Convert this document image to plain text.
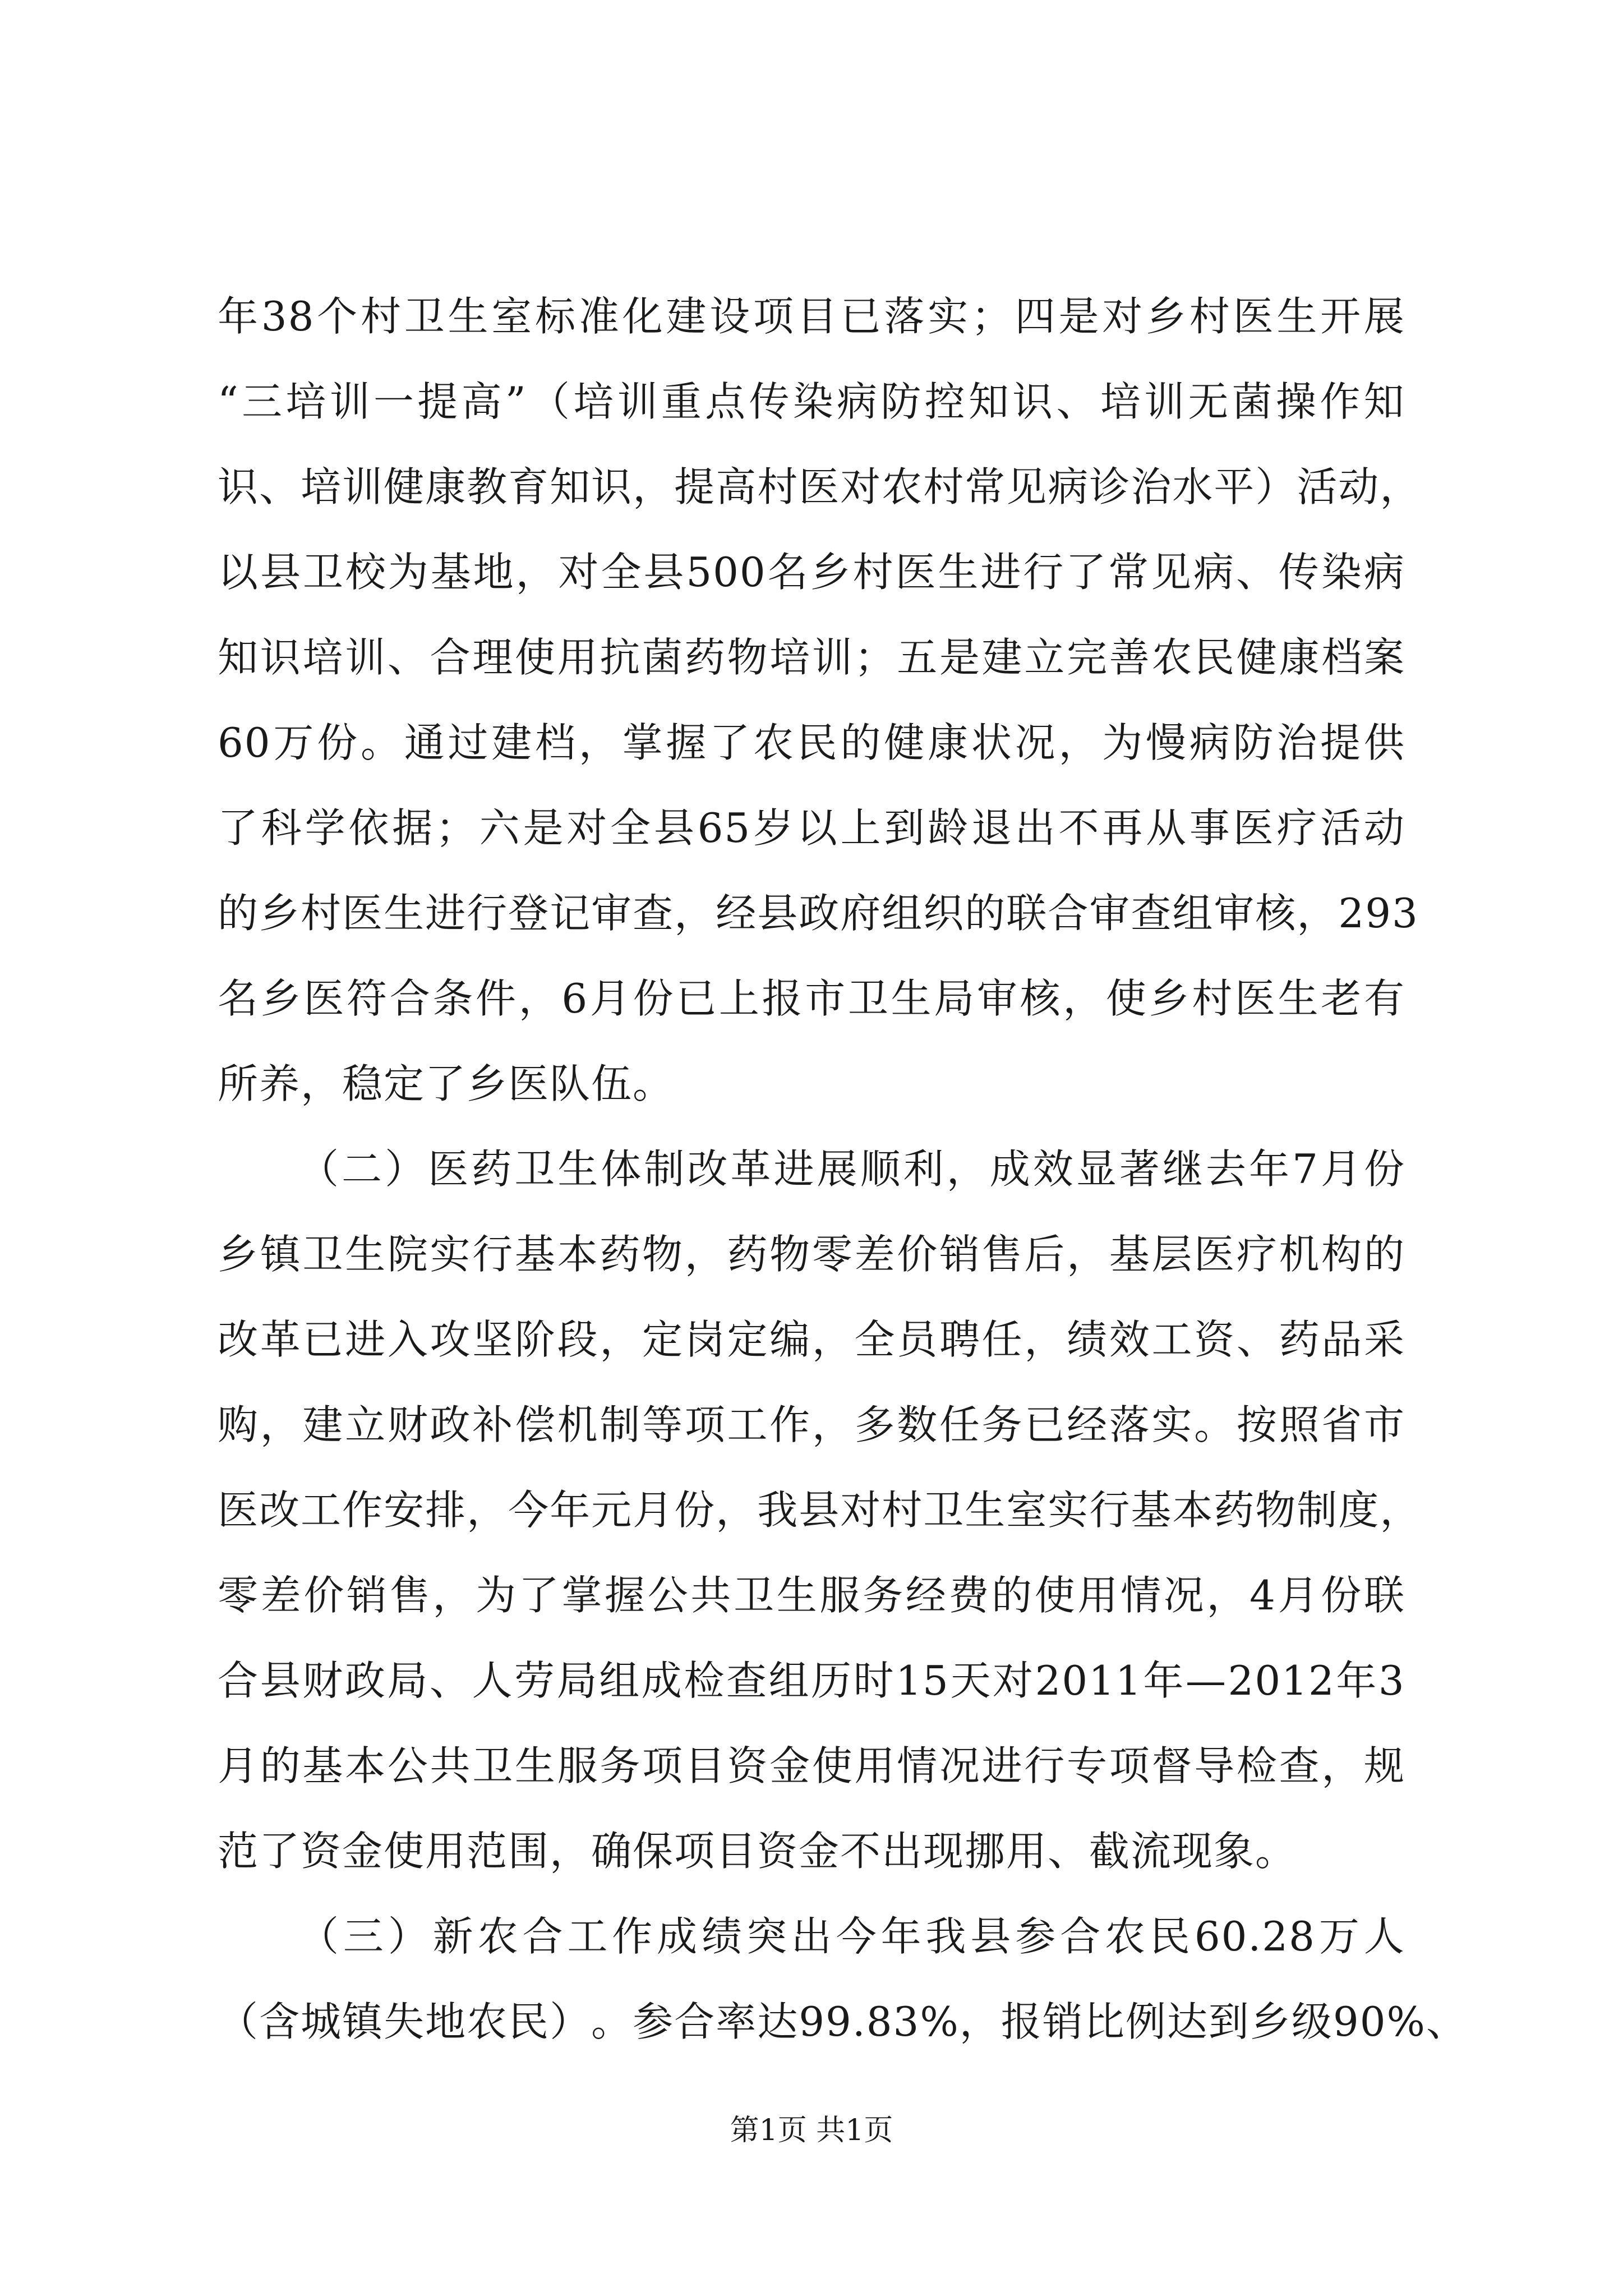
年 38 个 村 卫 生 室 标 准 化 建 设 项 目 已 落 实 ； 四 是 对 乡 村 医 生 开 展
“ 三 培 训 一 提 高 ” （ 培 训 重 点 传 染 病 防 控 知 识 、 培 训 无 菌 操 作 知
识 、 培 训 健 康 教 育 知 识 ， 提 高 村 医 对 农 村 常 见 病 诊 治 水 平 ） 活 动 ，
以 县 卫 校 为 基 地 ， 对 全 县 500 名 乡 村 医 生 进 行 了 常 见 病 、 传 染 病
知 识 培 训 、 合 理 使 用 抗 菌 药 物 培 训 ； 五 是 建 立 完 善 农 民 健 康 档 案
60 万 份 。 通 过 建 档 ， 掌 握 了 农 民 的 健 康 状 况 ， 为 慢 病 防 治 提 供
了 科 学 依 据 ； 六 是 对 全 县 65 岁 以 上 到 龄 退 出 不 再 从 事 医 疗 活 动
的 乡 村 医 生 进 行 登 记 审 查 ， 经 县 政 府 组 织 的 联 合 审 查 组 审 核 ， 293
名 乡 医 符 合 条 件 ， 6 月 份 已 上 报 市 卫 生 局 审 核 ， 使 乡 村 医 生 老 有
所养，稳定了乡医队伍。
（ 二 ） 医 药 卫 生 体 制 改 革 进 展 顺 利 ， 成 效 显 著 继 去 年 7 月 份
乡 镇 卫 生 院 实 行 基 本 药 物 ， 药 物 零 差 价 销 售 后 ， 基 层 医 疗 机 构 的
改 革 已 进 入 攻 坚 阶 段 ， 定 岗 定 编 ， 全 员 聘 任 ， 绩 效 工 资 、 药 品 采
购 ， 建 立 财 政 补 偿 机 制 等 项 工 作 ， 多 数 任 务 已 经 落 实 。 按 照 省 市
医 改 工 作 安 排 ， 今 年 元 月 份 ， 我 县 对 村 卫 生 室 实 行 基 本 药 物 制 度 ，
零 差 价 销 售 ， 为 了 掌 握 公 共 卫 生 服 务 经 费 的 使 用 情 况 ， 4 月 份 联
合 县 财 政 局 、 人 劳 局 组 成 检 查 组 历 时 15 天 对 2011 年 — 2012 年 3
月 的 基 本 公 共 卫 生 服 务 项 目 资 金 使 用 情 况 进 行 专 项 督 导 检 查 ， 规
范了资金使用范围，确保项目资金不出现挪用、截流现象。
（ 三 ） 新 农 合 工 作 成 绩 突 出 今 年 我 县 参 合 农 民 60.28 万 人
（ 含 城 镇 失 地 农 民 ） 。 参 合 率 达 99.83% ， 报 销 比 例 达 到 乡 级 90% 、
第1页 共1页
